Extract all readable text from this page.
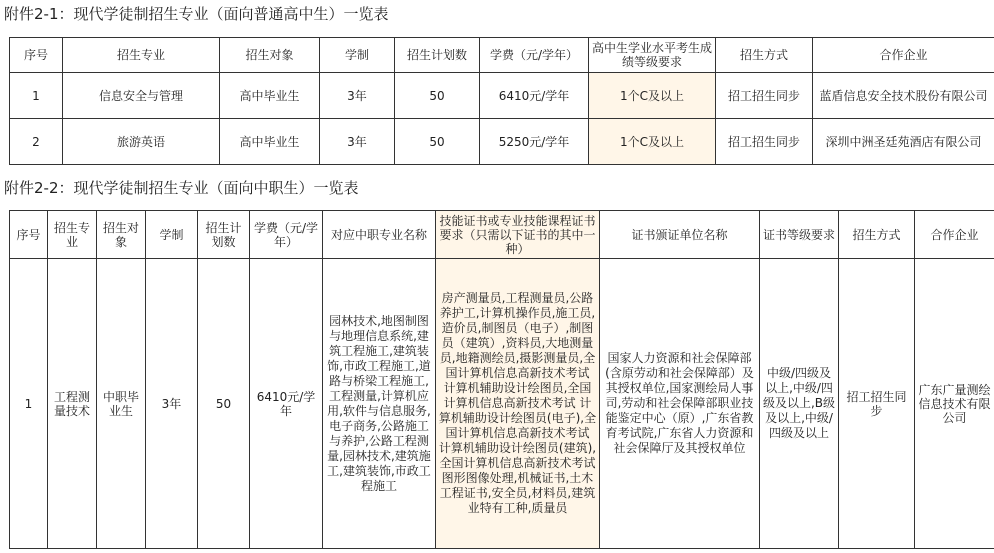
附件2-1：现代学徒制招生专业（面向普通高中生）一览表
序号	招生专业	招生对象	学制	招生计划数	学费（元/学年）	高中生学业水平考生成绩等级要求	招生方式	合作企业
1	信息安全与管理	高中毕业生	3年	50	6410元/学年	1个C及以上	招工招生同步	蓝盾信息安全技术股份有限公司
2	旅游英语	高中毕业生	3年	50	5250元/学年	1个C及以上	招工招生同步	深圳中洲圣廷苑酒店有限公司
附件2-2：现代学徒制招生专业（面向中职生）一览表
序号	招生专业	招生对象	学制	招生计划数	学费（元/学年）	对应中职专业名称	技能证书或专业技能课程证书要求（只需以下证书的其中一种）	证书颁证单位名称	证书等级要求	招生方式	合作企业
1	工程测量技术	中职毕业生	3年	50	6410元/学年	园林技术,地图制图与地理信息系统,建筑工程施工,建筑装饰,市政工程施工,道路与桥梁工程施工,工程测量,计算机应用,软件与信息服务,电子商务,公路施工与养护,公路工程测量,园林技术,建筑施工,建筑装饰,市政工程施工	房产测量员,工程测量员,公路养护工,计算机操作员,施工员,造价员,制图员（电子）,制图员（建筑）,资料员,大地测量员,地籍测绘员,摄影测量员,全国计算机信息高新技术考试 计算机辅助设计绘图员,全国计算机信息高新技术考试 计算机辅助设计绘图员(电子),全国计算机信息高新技术考试 计算机辅助设计绘图员(建筑),全国计算机信息高新技术考试 图形图像处理,机械证书,土木工程证书,安全员,材料员,建筑业特有工种,质量员	国家人力资源和社会保障部(含原劳动和社会保障部）及其授权单位,国家测绘局人事司,劳动和社会保障部职业技能鉴定中心（原）,广东省教育考试院,广东省人力资源和社会保障厅及其授权单位	中级/四级及以上,中级/四级及以上,B级及以上,中级/四级及以上	招工招生同步	广东广量测绘信息技术有限公司
